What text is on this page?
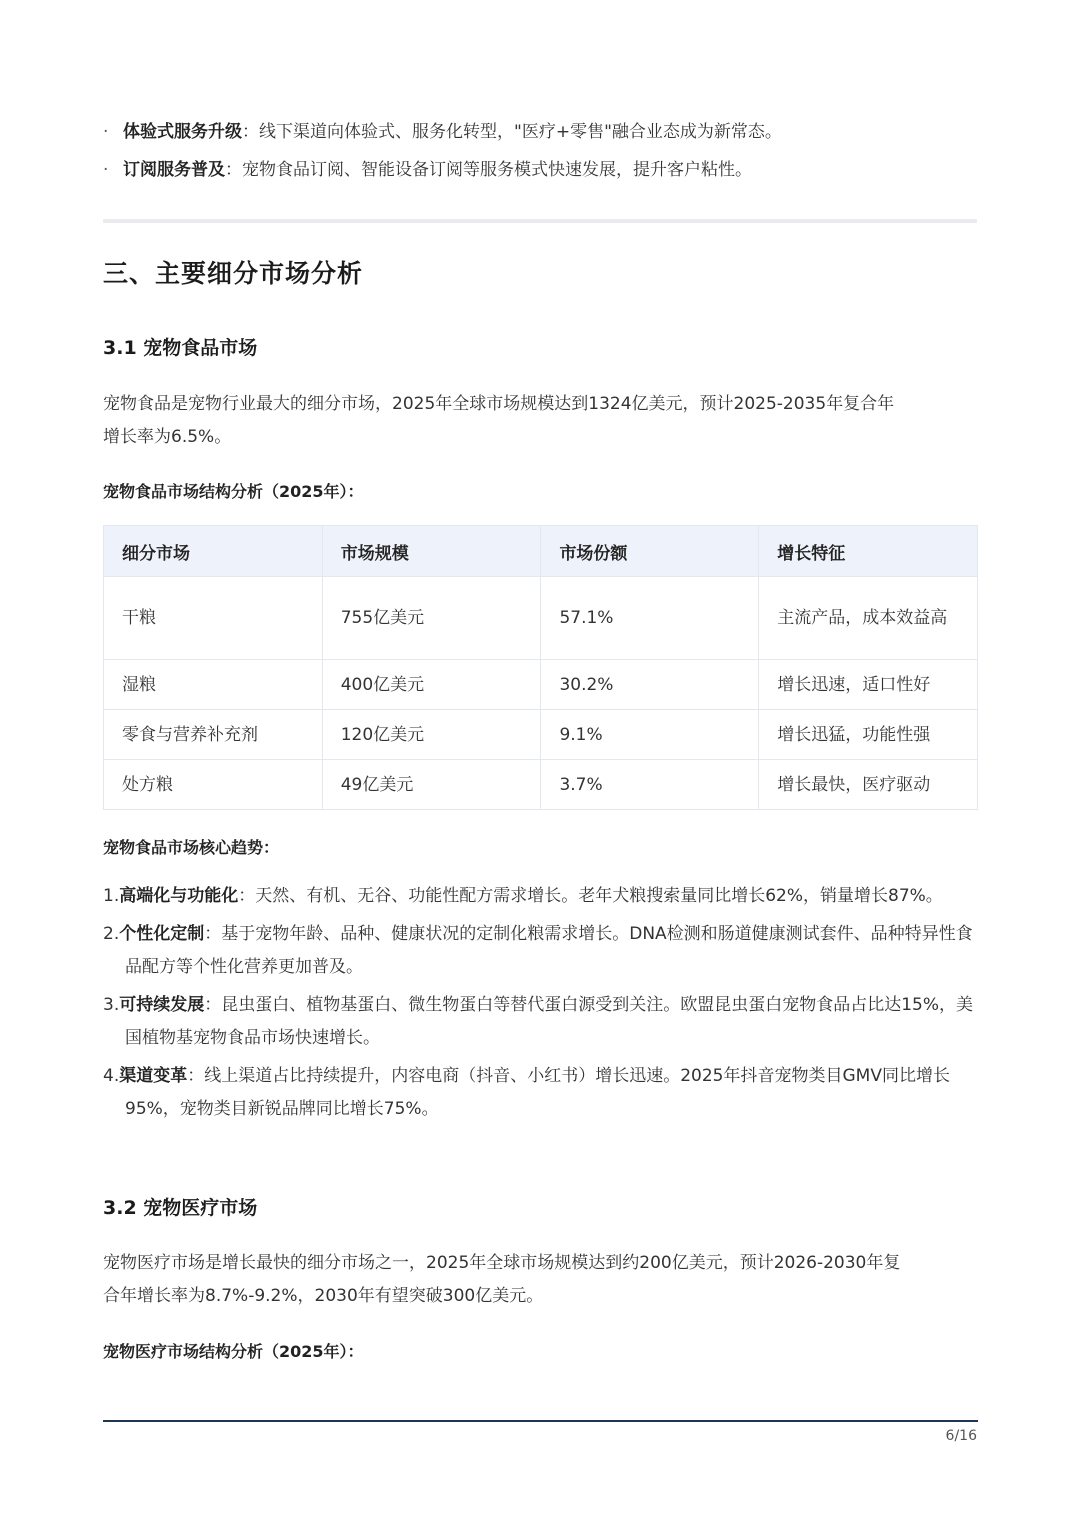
· 体验式服务升级：线下渠道向体验式、服务化转型，"医疗+零售"融合业态成为新常态。
· 订阅服务普及：宠物食品订阅、智能设备订阅等服务模式快速发展，提升客户粘性。
三、主要细分市场分析
3.1 宠物食品市场
宠物食品是宠物行业最大的细分市场，2025年全球市场规模达到1324亿美元，预计2025-2035年复合年
增长率为6.5%。
宠物食品市场结构分析（2025年）：
细分市场	市场规模	市场份额	增长特征
干粮	755亿美元	57.1%	主流产品，成本效益高
湿粮	400亿美元	30.2%	增长迅速，适口性好
零食与营养补充剂	120亿美元	9.1%	增长迅猛，功能性强
处方粮	49亿美元	3.7%	增长最快，医疗驱动
宠物食品市场核心趋势：
1.高端化与功能化：天然、有机、无谷、功能性配方需求增长。老年犬粮搜索量同比增长62%，销量增长87%。
2.个性化定制：基于宠物年龄、品种、健康状况的定制化粮需求增长。DNA检测和肠道健康测试套件、品种特异性食品配方等个性化营养更加普及。
3.可持续发展：昆虫蛋白、植物基蛋白、微生物蛋白等替代蛋白源受到关注。欧盟昆虫蛋白宠物食品占比达15%，美国植物基宠物食品市场快速增长。
4.渠道变革：线上渠道占比持续提升，内容电商（抖音、小红书）增长迅速。2025年抖音宠物类目GMV同比增长95%，宠物类目新锐品牌同比增长75%。
3.2 宠物医疗市场
宠物医疗市场是增长最快的细分市场之一，2025年全球市场规模达到约200亿美元，预计2026-2030年复
合年增长率为8.7%-9.2%，2030年有望突破300亿美元。
宠物医疗市场结构分析（2025年）：
6/16
